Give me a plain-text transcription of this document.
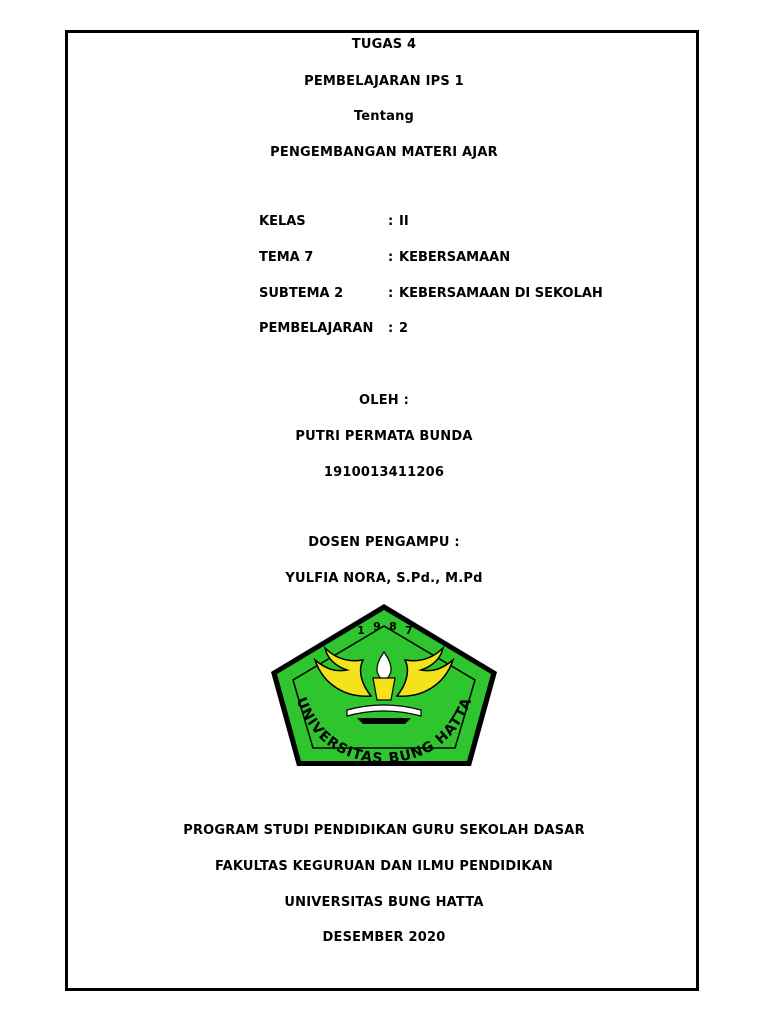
TUGAS 4
PEMBELAJARAN IPS 1
Tentang
PENGEMBANGAN MATERI AJAR
KELAS	: II
TEMA 7	: KEBERSAMAAN
SUBTEMA 2	: KEBERSAMAAN DI SEKOLAH
PEMBELAJARAN : 2
OLEH :
PUTRI PERMATA BUNDA
1910013411206
DOSEN PENGAMPU :
YULFIA NORA, S.Pd., M.Pd
1 9 8 7
UNIVERSITAS BUNG HATTA
PROGRAM STUDI PENDIDIKAN GURU SEKOLAH DASAR
FAKULTAS KEGURUAN DAN ILMU PENDIDIKAN
UNIVERSITAS BUNG HATTA
DESEMBER 2020
